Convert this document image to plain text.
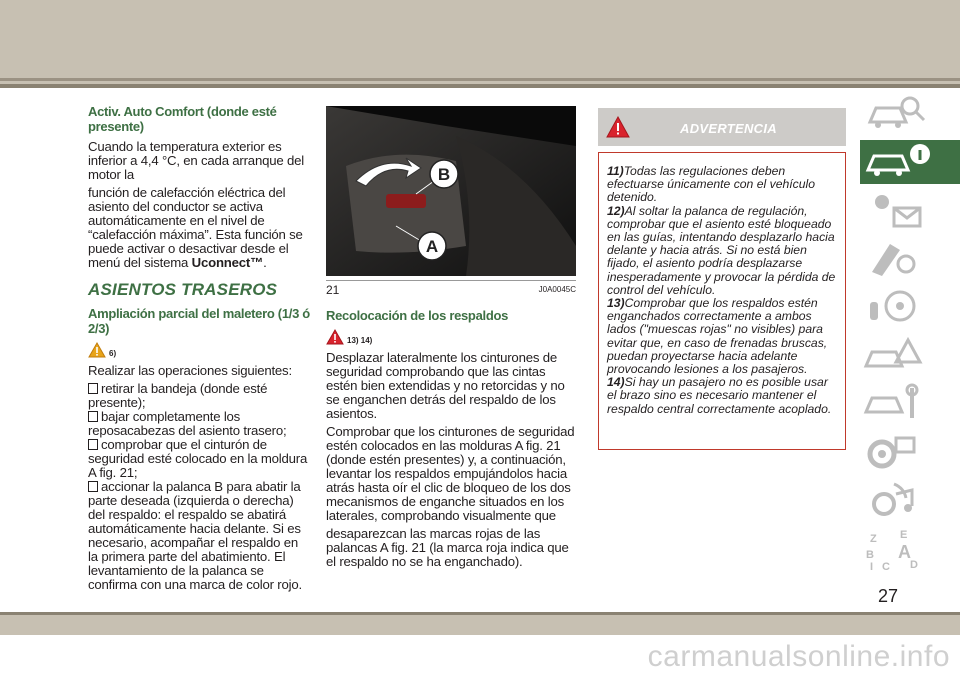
Activ. Auto Comfort (donde esté presente)

Cuando la temperatura exterior es inferior a 4,4 °C, en cada arranque del motor la

función de calefacción eléctrica del asiento del conductor se activa automáticamente en el nivel de “calefacción máxima”. Esta función se puede activar o desactivar desde el menú del sistema Uconnect™.

ASIENTOS TRASEROS
Ampliación parcial del maletero (1/3 ó 2/3)
6)

Realizar las operaciones siguientes:

retirar la bandeja (donde esté presente);
bajar completamente los reposacabezas del asiento trasero;
comprobar que el cinturón de seguridad esté colocado en la moldura A fig. 21;
accionar la palanca B para abatir la parte deseada (izquierda o derecha) del respaldo: el respaldo se abatirá automáticamente hacia delante. Si es necesario, acompañar el respaldo en la primera parte del abatimiento. El levantamiento de la palanca se confirma con una marca de color rojo.
B
A
21	J0A0045C
Recolocación de los respaldos
13) 14)

Desplazar lateralmente los cinturones de seguridad comprobando que las cintas estén bien extendidas y no retorcidas y no se enganchen detrás del respaldo de los asientos.

Comprobar que los cinturones de seguridad estén colocados en las molduras A fig. 21 (donde estén presentes) y, a continuación, levantar los respaldos empujándolos hacia atrás hasta oír el clic de bloqueo de los dos mecanismos de enganche situados en los laterales, comprobando visualmente que

desaparezcan las marcas rojas de las palancas A fig. 21 (la marca roja indica que el respaldo no se ha enganchado).

ADVERTENCIA
11)Todas las regulaciones deben efectuarse únicamente con el vehículo detenido.
12)Al soltar la palanca de regulación, comprobar que el asiento esté bloqueado en las guías, intentando desplazarlo hacia delante y hacia atrás. Si no está bien fijado, el asiento podría desplazarse inesperadamente y provocar la pérdida de control del vehículo.
13)Comprobar que los respaldos estén enganchados correctamente a ambos lados ("muescas rojas" no visibles) para evitar que, en caso de frenadas bruscas, puedan proyectarse hacia adelante provocando lesiones a los pasajeros.
14)Si hay un pasajero no es posible usar el brazo sino es necesario mantener el respaldo central correctamente acoplado.
Z E
B A
C D
I
27
carmanualsonline.info
